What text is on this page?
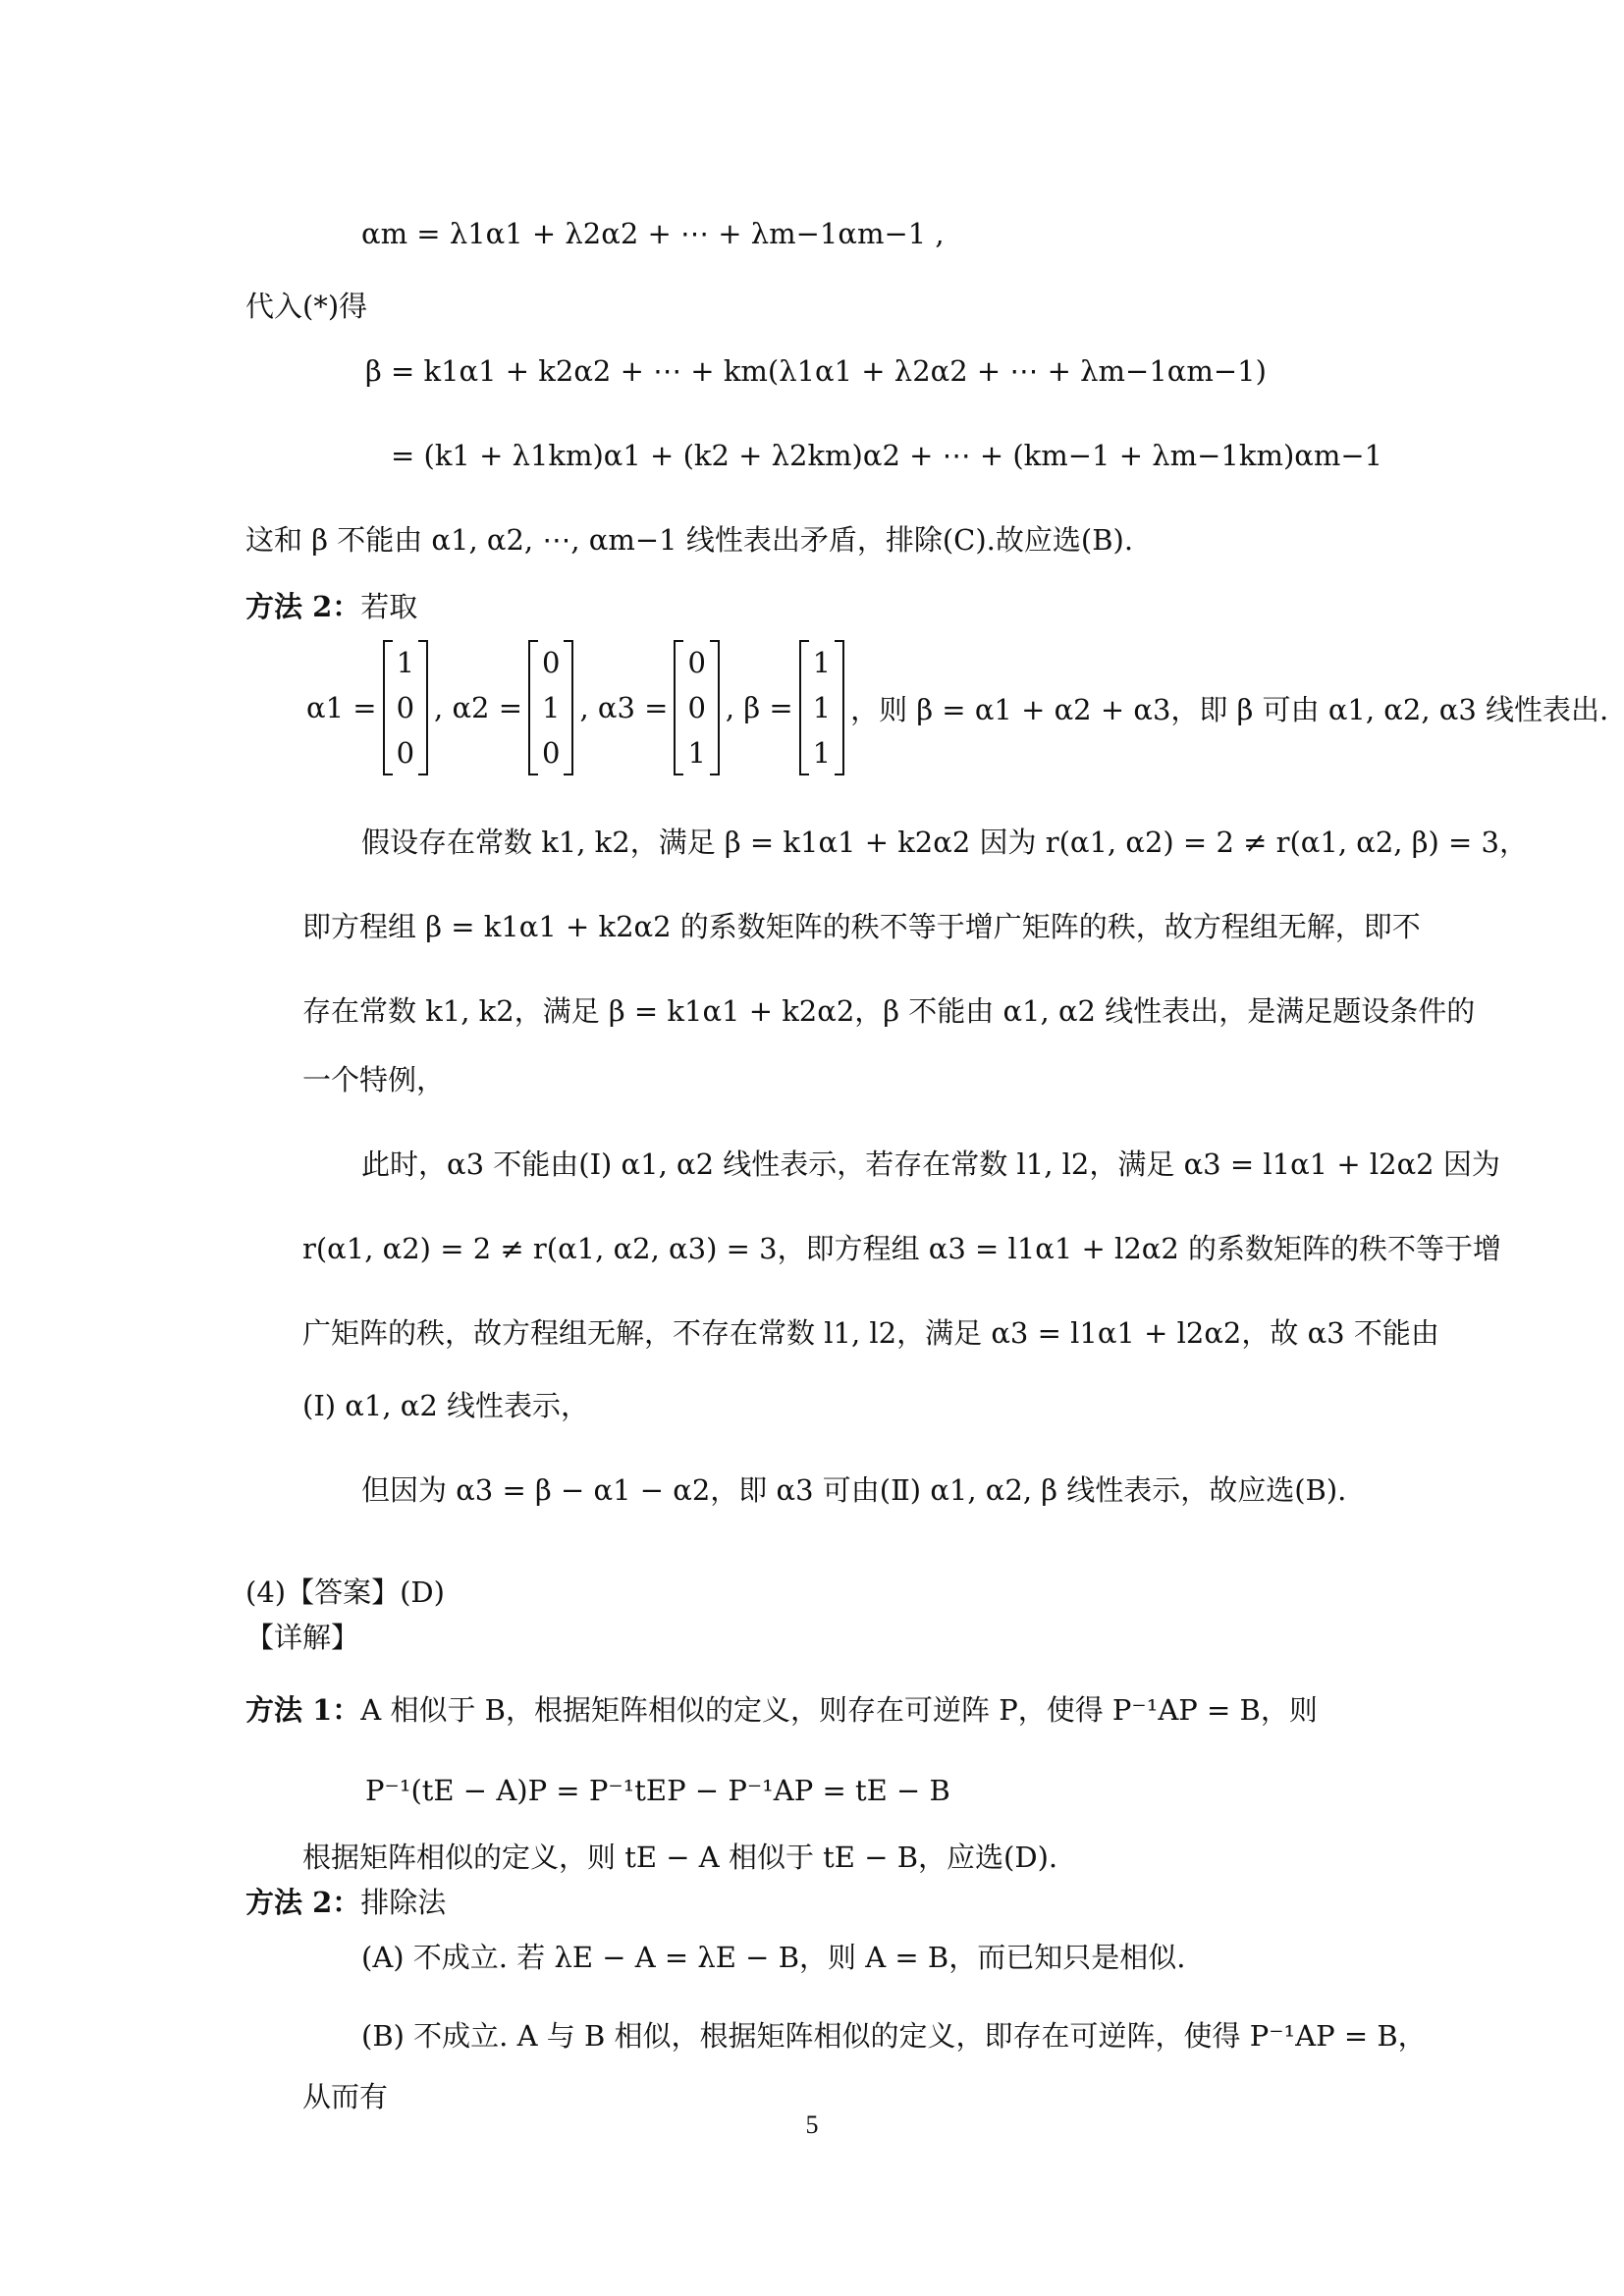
αm = λ1α1 + λ2α2 + ⋯ + λm−1αm−1 ,
代入(*)得
β = k1α1 + k2α2 + ⋯ + km(λ1α1 + λ2α2 + ⋯ + λm−1αm−1)
= (k1 + λ1km)α1 + (k2 + λ2km)α2 + ⋯ + (km−1 + λm−1km)αm−1
这和 β 不能由 α1, α2, ⋯, αm−1 线性表出矛盾，排除(C).故应选(B).
方法 2：若取
α1 =
1
0
0
, α2 =
0
1
0
, α3 =
0
0
1
, β =
1
1
1
，则 β = α1 + α2 + α3，即 β 可由 α1, α2, α3 线性表出.
假设存在常数 k1, k2，满足 β = k1α1 + k2α2 因为 r(α1, α2) = 2 ≠ r(α1, α2, β) = 3，
即方程组 β = k1α1 + k2α2 的系数矩阵的秩不等于增广矩阵的秩，故方程组无解，即不
存在常数 k1, k2，满足 β = k1α1 + k2α2，β 不能由 α1, α2 线性表出，是满足题设条件的
一个特例，
此时，α3 不能由(Ⅰ) α1, α2 线性表示，若存在常数 l1, l2，满足 α3 = l1α1 + l2α2 因为
r(α1, α2) = 2 ≠ r(α1, α2, α3) = 3，即方程组 α3 = l1α1 + l2α2 的系数矩阵的秩不等于增
广矩阵的秩，故方程组无解，不存在常数 l1, l2，满足 α3 = l1α1 + l2α2，故 α3 不能由
(Ⅰ) α1, α2 线性表示，
但因为 α3 = β − α1 − α2，即 α3 可由(Ⅱ) α1, α2, β 线性表示，故应选(B).
(4)【答案】(D)
【详解】
方法 1：A 相似于 B，根据矩阵相似的定义，则存在可逆阵 P，使得 P⁻¹AP = B，则
P⁻¹(tE − A)P = P⁻¹tEP − P⁻¹AP = tE − B
根据矩阵相似的定义，则 tE − A 相似于 tE − B，应选(D).
方法 2：排除法
(A) 不成立. 若 λE − A = λE − B，则 A = B，而已知只是相似.
(B) 不成立. A 与 B 相似，根据矩阵相似的定义，即存在可逆阵，使得 P⁻¹AP = B，
从而有
5
